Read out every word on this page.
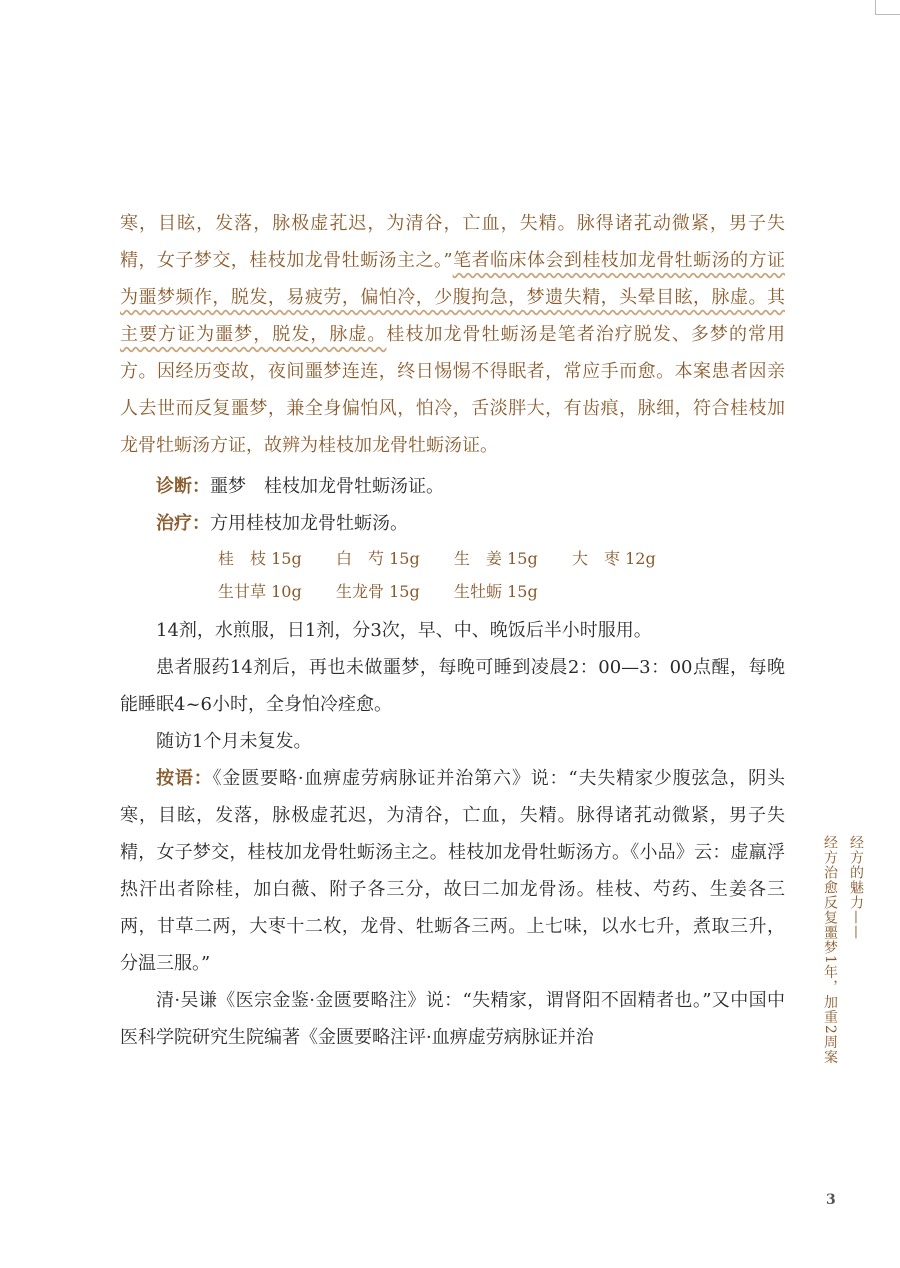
寒，目眩，发落，脉极虚芤迟，为清谷，亡血，失精。脉得诸芤动微紧，男子失精，女子梦交，桂枝加龙骨牡蛎汤主之。”笔者临床体会到桂枝加龙骨牡蛎汤的方证为噩梦频作，脱发，易疲劳，偏怕冷，少腹拘急，梦遗失精，头晕目眩，脉虚。其主要方证为噩梦，脱发，脉虚。桂枝加龙骨牡蛎汤是笔者治疗脱发、多梦的常用方。因经历变故，夜间噩梦连连，终日惕惕不得眠者，常应手而愈。本案患者因亲人去世而反复噩梦，兼全身偏怕风，怕冷，舌淡胖大，有齿痕，脉细，符合桂枝加龙骨牡蛎汤方证，故辨为桂枝加龙骨牡蛎汤证。

诊断：噩梦　桂枝加龙骨牡蛎汤证。

治疗：方用桂枝加龙骨牡蛎汤。

桂　枝 15g	白　芍 15g	生　姜 15g	大　枣 12g
生甘草 10g	生龙骨 15g	生牡蛎 15g

14剂，水煎服，日1剂，分3次，早、中、晚饭后半小时服用。

患者服药14剂后，再也未做噩梦，每晚可睡到凌晨2：00—3：00点醒，每晚能睡眠4~6小时，全身怕冷痊愈。

随访1个月未复发。

按语：《金匮要略·血痹虚劳病脉证并治第六》说：“夫失精家少腹弦急，阴头寒，目眩，发落，脉极虚芤迟，为清谷，亡血，失精。脉得诸芤动微紧，男子失精，女子梦交，桂枝加龙骨牡蛎汤主之。桂枝加龙骨牡蛎汤方。《小品》云：虚羸浮热汗出者除桂，加白薇、附子各三分，故曰二加龙骨汤。桂枝、芍药、生姜各三两，甘草二两，大枣十二枚，龙骨、牡蛎各三两。上七味，以水七升，煮取三升，分温三服。”

清·吴谦《医宗金鉴·金匮要略注》说：“失精家，谓肾阳不固精者也。”又中国中医科学院研究生院编著《金匮要略注评·血痹虚劳病脉证并治

经方的魅力——
经方治愈反复噩梦1年，加重2周案
3
